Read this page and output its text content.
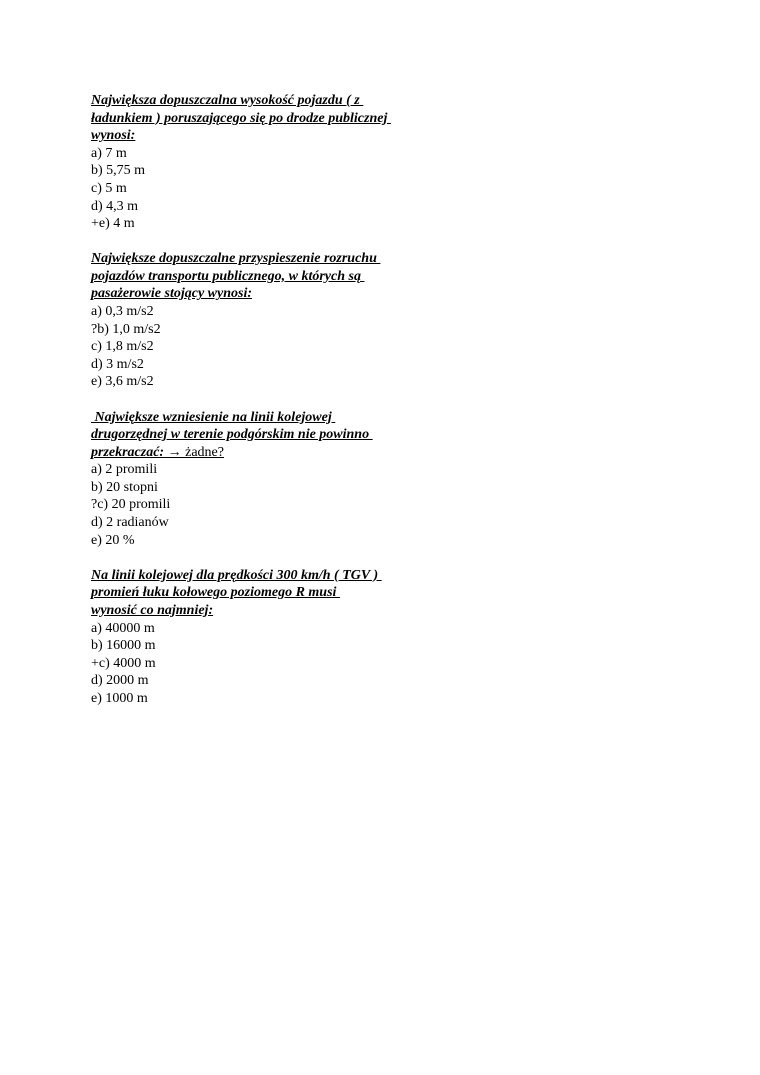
Największa dopuszczalna wysokość pojazdu ( z
ładunkiem ) poruszającego się po drodze publicznej
wynosi:

a) 7 m

b) 5,75 m

c) 5 m

d) 4,3 m

+e) 4 m

Największe dopuszczalne przyspieszenie rozruchu
pojazdów transportu publicznego, w których są
pasażerowie stojący wynosi:

a) 0,3 m/s2

?b) 1,0 m/s2

c) 1,8 m/s2

d) 3 m/s2

e) 3,6 m/s2

Największe wzniesienie na linii kolejowej
drugorzędnej w terenie podgórskim nie powinno
przekraczać: → żadne?

a) 2 promili

b) 20 stopni

?c) 20 promili

d) 2 radianów

e) 20 %

Na linii kolejowej dla prędkości 300 km/h ( TGV )
promień łuku kołowego poziomego R musi
wynosić co najmniej:

a) 40000 m

b) 16000 m

+c) 4000 m

d) 2000 m

e) 1000 m
